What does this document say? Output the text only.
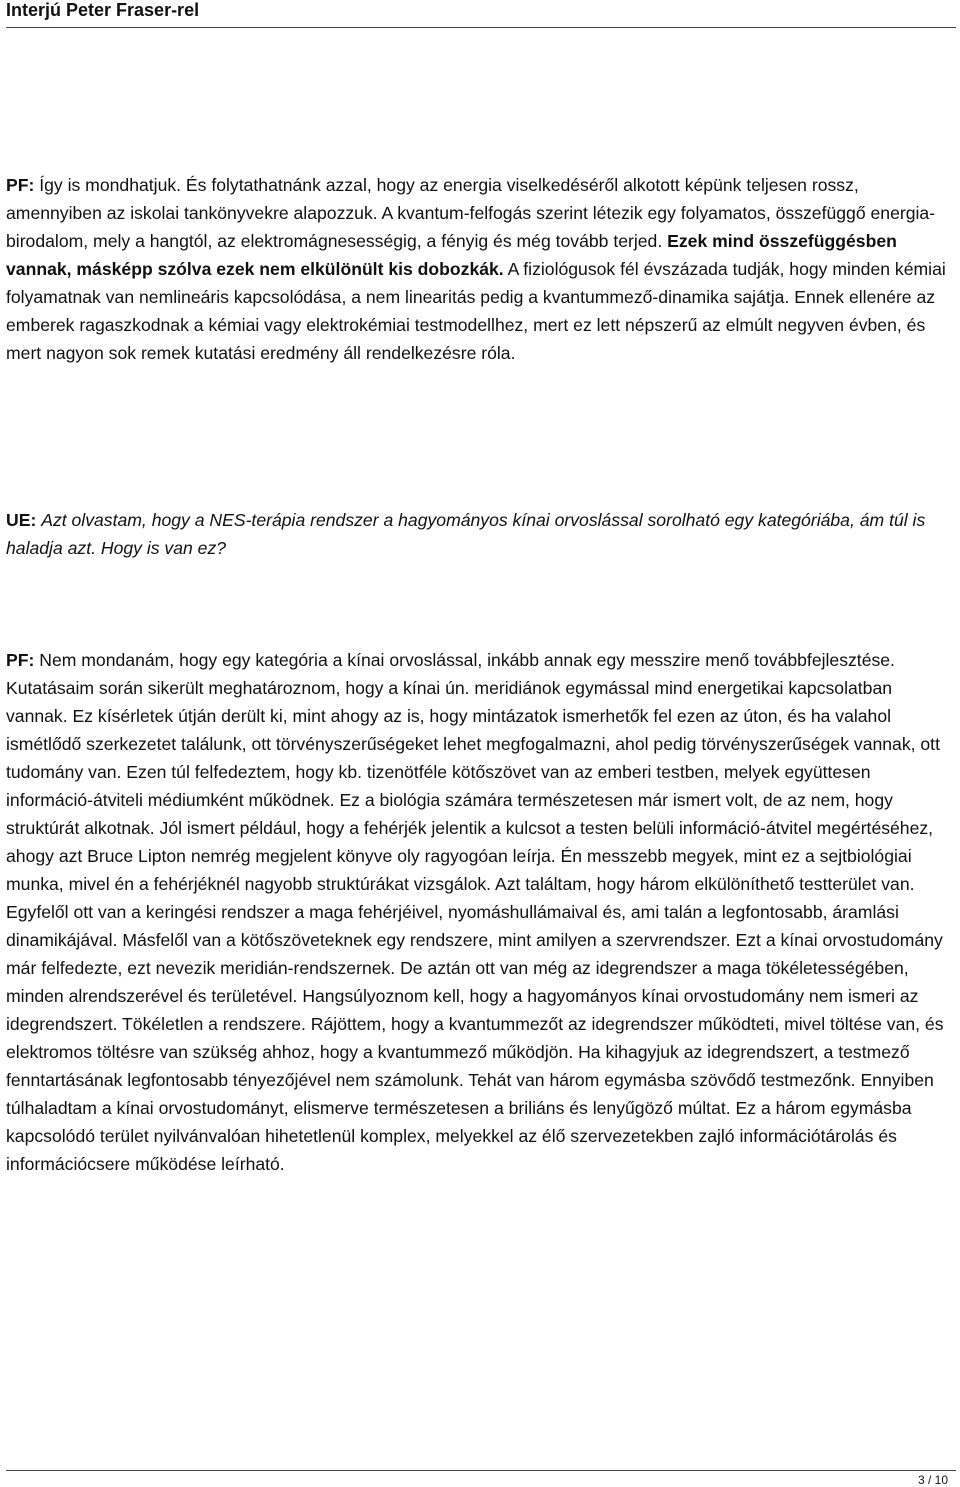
Interjú Peter Fraser-rel

PF: Így is mondhatjuk. És folytathatnánk azzal, hogy az energia viselkedéséről alkotott képünk teljesen rossz, amennyiben az iskolai tankönyvekre alapozzuk. A kvantum-felfogás szerint létezik egy folyamatos, összefüggő energia-birodalom, mely a hangtól, az elektromágnesességig, a fényig és még tovább terjed. Ezek mind összefüggésben vannak, másképp szólva ezek nem elkülönült kis dobozkák. A fiziológusok fél évszázada tudják, hogy minden kémiai folyamatnak van nemlineáris kapcsolódása, a nem linearitás pedig a kvantummező-dinamika sajátja. Ennek ellenére az emberek ragaszkodnak a kémiai vagy elektrokémiai testmodellhez, mert ez lett népszerű az elmúlt negyven évben, és mert nagyon sok remek kutatási eredmény áll rendelkezésre róla.

UE: Azt olvastam, hogy a NES-terápia rendszer a hagyományos kínai orvoslással sorolható egy kategóriába, ám túl is haladja azt. Hogy is van ez?

PF: Nem mondanám, hogy egy kategória a kínai orvoslással, inkább annak egy messzire menő továbbfejlesztése. Kutatásaim során sikerült meghatároznom, hogy a kínai ún. meridiánok egymással mind energetikai kapcsolatban vannak. Ez kísérletek útján derült ki, mint ahogy az is, hogy mintázatok ismerhetők fel ezen az úton, és ha valahol ismétlődő szerkezetet találunk, ott törvényszerűségeket lehet megfogalmazni, ahol pedig törvényszerűségek vannak, ott tudomány van. Ezen túl felfedeztem, hogy kb. tizenötféle kötőszövet van az emberi testben, melyek együttesen információ-átviteli médiumként működnek. Ez a biológia számára természetesen már ismert volt, de az nem, hogy struktúrát alkotnak. Jól ismert például, hogy a fehérjék jelentik a kulcsot a testen belüli információ-átvitel megértéséhez, ahogy azt Bruce Lipton nemrég megjelent könyve oly ragyogóan leírja. Én messzebb megyek, mint ez a sejtbiológiai munka, mivel én a fehérjéknél nagyobb struktúrákat vizsgálok. Azt találtam, hogy három elkülöníthető testterület van. Egyfelől ott van a keringési rendszer a maga fehérjéivel, nyomáshullámaival és, ami talán a legfontosabb, áramlási dinamikájával. Másfelől van a kötőszöveteknek egy rendszere, mint amilyen a szervrendszer. Ezt a kínai orvostudomány már felfedezte, ezt nevezik meridián-rendszernek. De aztán ott van még az idegrendszer a maga tökéletességében, minden alrendszerével és területével. Hangsúlyoznom kell, hogy a hagyományos kínai orvostudomány nem ismeri az idegrendszert. Tökéletlen a rendszere. Rájöttem, hogy a kvantummezőt az idegrendszer működteti, mivel töltése van, és elektromos töltésre van szükség ahhoz, hogy a kvantummező működjön. Ha kihagyjuk az idegrendszert, a testmező fenntartásának legfontosabb tényezőjével nem számolunk. Tehát van három egymásba szövődő testmezőnk. Ennyiben túlhaladtam a kínai orvostudományt, elismerve természetesen a briliáns és lenyűgöző múltat. Ez a három egymásba kapcsolódó terület nyilvánvalóan hihetetlenül komplex, melyekkel az élő szervezetekben zajló információtárolás és információcsere működése leírható.

3 / 10
